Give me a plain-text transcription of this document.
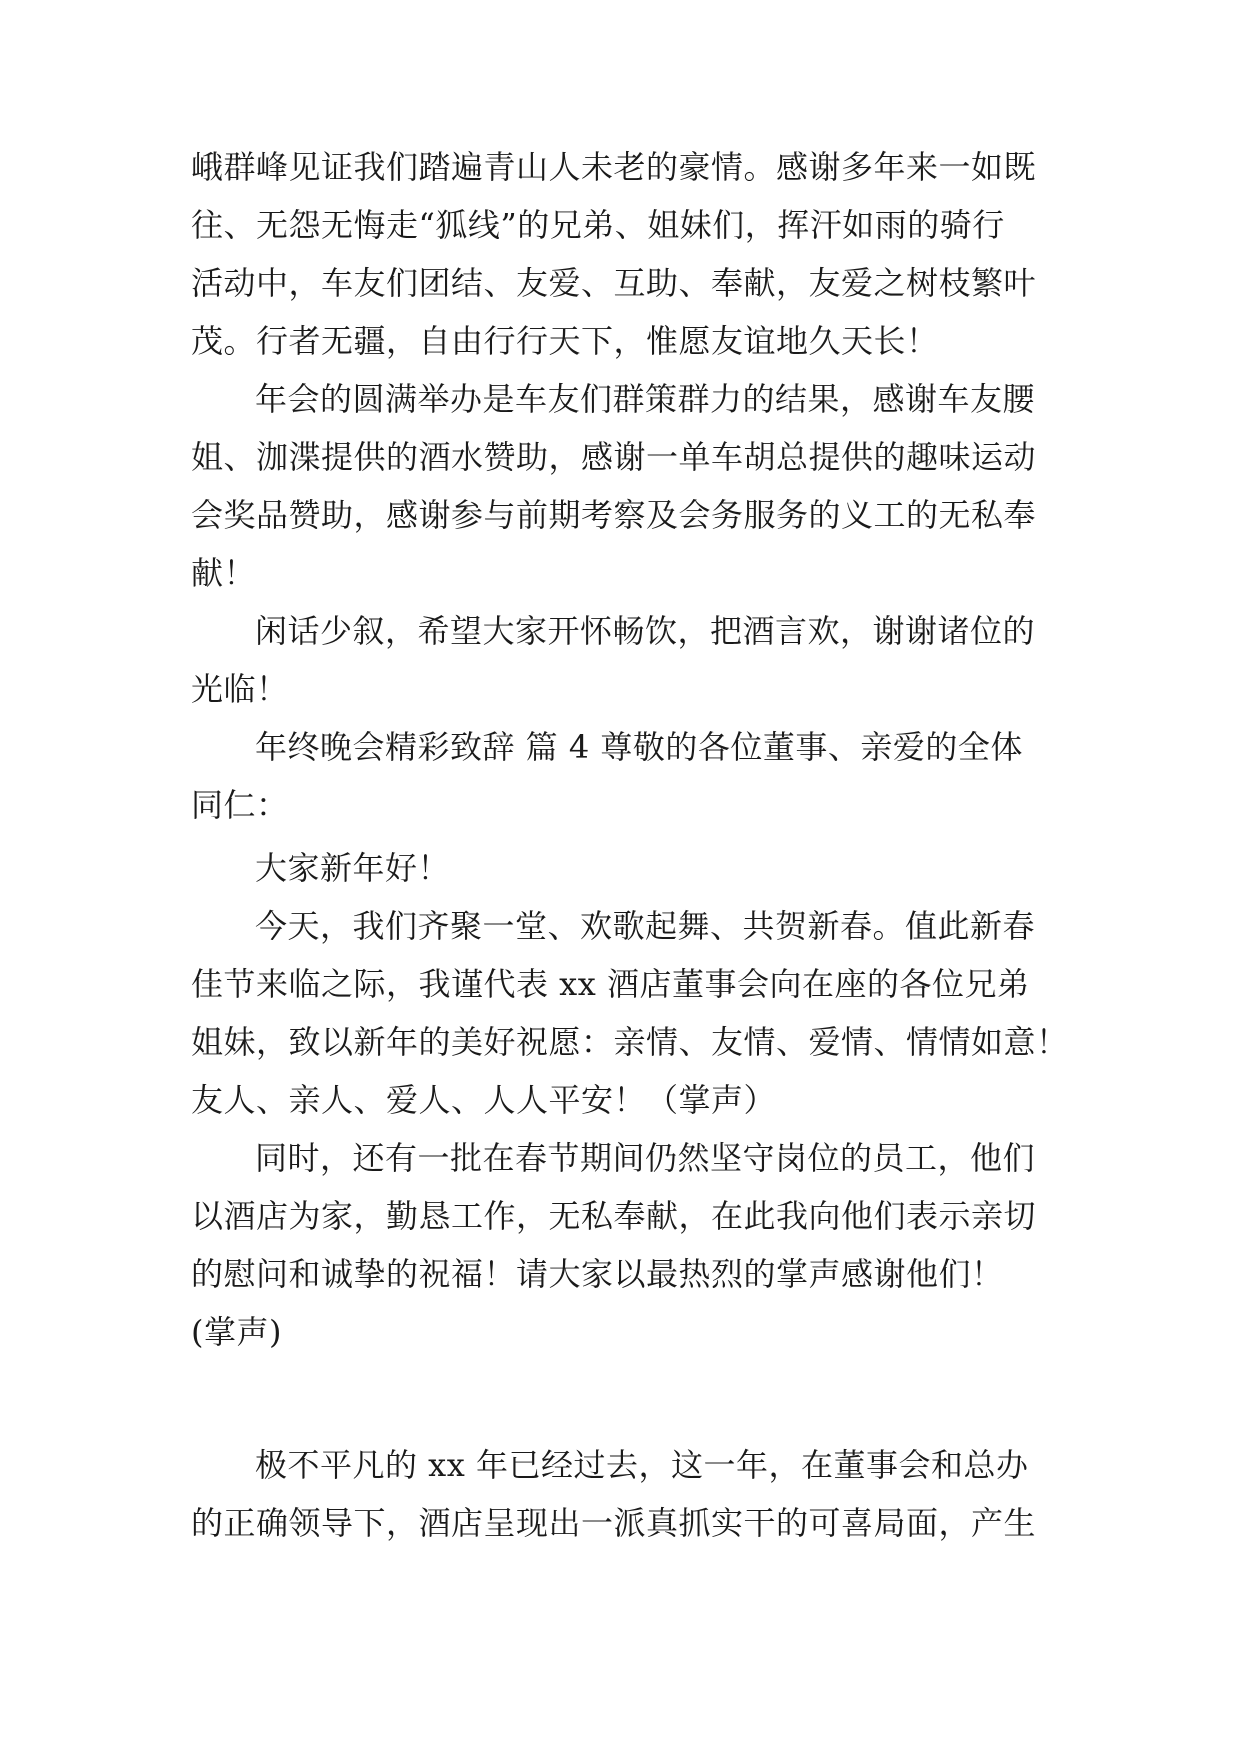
峨群峰见证我们踏遍青山人未老的豪情。感谢多年来一如既
往、无怨无悔走“狐线”的兄弟、姐妹们，挥汗如雨的骑行
活动中，车友们团结、友爱、互助、奉献，友爱之树枝繁叶
茂。行者无疆，自由行行天下，惟愿友谊地久天长！
年会的圆满举办是车友们群策群力的结果，感谢车友腰
姐、泇渫提供的酒水赞助，感谢一单车胡总提供的趣味运动
会奖品赞助，感谢参与前期考察及会务服务的义工的无私奉
献！
闲话少叙，希望大家开怀畅饮，把酒言欢，谢谢诸位的
光临！
年终晚会精彩致辞 篇 4 尊敬的各位董事、亲爱的全体
同仁：
大家新年好！
今天，我们齐聚一堂、欢歌起舞、共贺新春。值此新春
佳节来临之际，我谨代表 xx 酒店董事会向在座的各位兄弟
姐妹，致以新年的美好祝愿：亲情、友情、爱情、情情如意！
友人、亲人、爱人、人人平安！（掌声）
同时，还有一批在春节期间仍然坚守岗位的员工，他们
以酒店为家，勤恳工作，无私奉献，在此我向他们表示亲切
的慰问和诚挚的祝福！请大家以最热烈的掌声感谢他们！
(掌声)
极不平凡的 xx 年已经过去，这一年，在董事会和总办
的正确领导下，酒店呈现出一派真抓实干的可喜局面，产生
